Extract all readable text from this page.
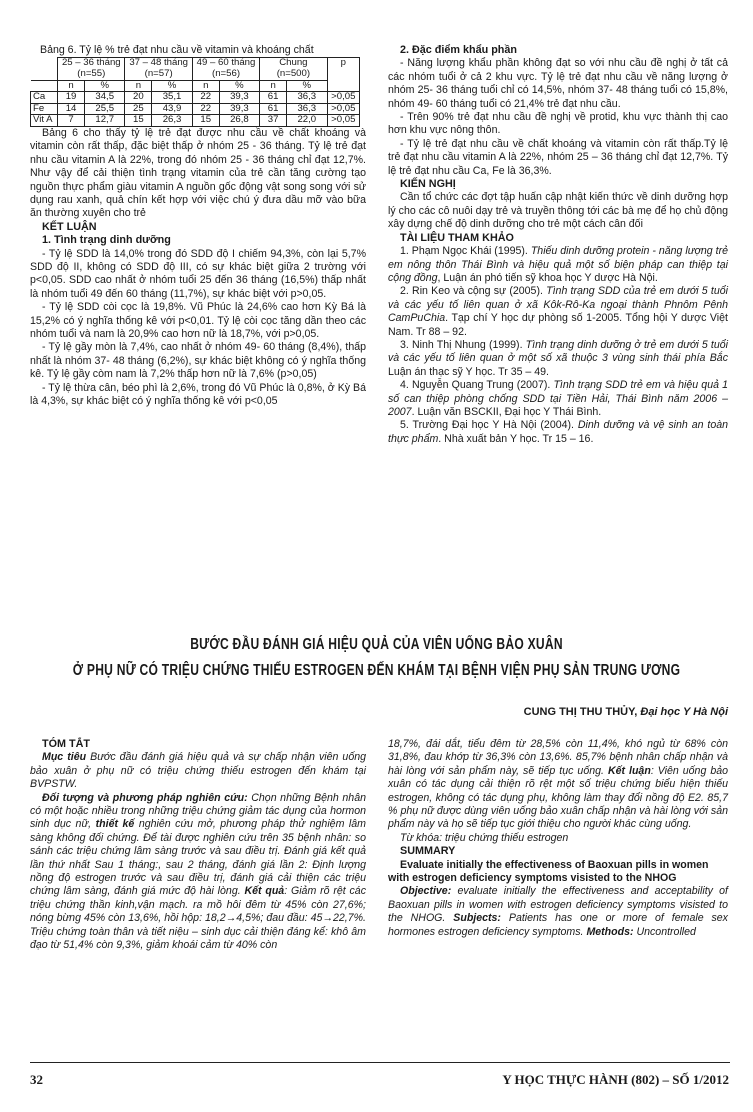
Bảng 6. Tỷ lệ % trẻ đạt nhu cầu về vitamin và khoáng chất

	25 – 36 tháng (n=55)		37 – 48 tháng (n=57)		49 – 60 tháng (n=56)		Chung (n=500)		p
	n	%	n	%	n	%	n	%	
Ca	19	34,5	20	35,1	22	39,3	61	36,3	>0,05
Fe	14	25,5	25	43,9	22	39,3	61	36,3	>0,05
Vit A	7	12,7	15	26,3	15	26,8	37	22,0	>0,05

Bảng 6 cho thấy tỷ lệ trẻ đạt được nhu cầu về chất khoáng và vitamin còn rất thấp, đặc biệt thấp ở nhóm 25 - 36 tháng. Tỷ lệ trẻ đạt nhu cầu vitamin A là 22%, trong đó nhóm 25 - 36 tháng chỉ đạt 12,7%. Như vậy để cải thiện tình trạng vitamin của trẻ cần tăng cường tạo nguồn thực phẩm giàu vitamin A nguồn gốc động vật song song với sử dụng rau xanh, quả chín kết hợp với việc chú ý đưa dầu mỡ vào bữa ăn thường xuyên cho trẻ

KẾT LUẬN

1. Tình trạng dinh dưỡng

- Tỷ lệ SDD là 14,0% trong đó SDD độ I chiếm 94,3%, còn lại 5,7% SDD độ II, không có SDD độ III, có sự khác biệt giữa 2 trường với p<0,05. SDD cao nhất ở nhóm tuổi 25 đến 36 tháng (16,5%) thấp nhất là nhóm tuổi 49 đến 60 tháng (11,7%), sự khác biệt với p>0,05.

- Tỷ lệ SDD còi cọc là 19,8%. Vũ Phúc là 24,6% cao hơn Kỳ Bá là 15,2% có ý nghĩa thống kê với p<0,01. Tỷ lệ còi cọc tăng dần theo các nhóm tuổi và nam là 20,9% cao hơn nữ là 18,7%, với p>0,05.

- Tỷ lệ gầy mòn là 7,4%, cao nhất ở nhóm 49- 60 tháng (8,4%), thấp nhất là nhóm 37- 48 tháng (6,2%), sự khác biệt không có ý nghĩa thống kê. Tỷ lệ gầy còm nam là 7,2% thấp hơn nữ là 7,6% (p>0,05)

- Tỷ lệ thừa cân, béo phì là 2,6%, trong đó Vũ Phúc là 0,8%, ở Kỳ Bá là 4,3%, sự khác biệt có ý nghĩa thống kê với p<0,05

2. Đặc điểm khẩu phần

- Năng lượng khẩu phần không đạt so với nhu cầu đề nghị ở tất cả các nhóm tuổi ở cả 2 khu vực. Tỷ lệ trẻ đạt nhu cầu về năng lượng ở nhóm 25- 36 tháng tuổi chỉ có 14,5%, nhóm 37- 48 tháng tuổi có 15,8%, nhóm 49- 60 tháng tuổi có 21,4% trẻ đạt nhu cầu.

- Trên 90% trẻ đạt nhu cầu đề nghị về protid, khu vực thành thị cao hơn khu vực nông thôn.

- Tỷ lệ trẻ đạt nhu cầu về chất khoáng và vitamin còn rất thấp.Tỷ lệ trẻ đạt nhu cầu vitamin A là 22%, nhóm 25 – 36 tháng chỉ đạt 12,7%. Tỷ lệ trẻ đạt nhu cầu Ca, Fe là 36,3%.

KIẾN NGHỊ

Cần tổ chức các đợt tập huấn cập nhật kiến thức về dinh dưỡng hợp lý cho các cô nuôi dạy trẻ và truyền thông tới các bà mẹ để họ chủ động xây dựng chế độ dinh dưỡng cho trẻ một cách cân đối

TÀI LIỆU THAM KHẢO

1. Phạm Ngọc Khái (1995). Thiếu dinh dưỡng protein - năng lượng trẻ em nông thôn Thái Bình và hiệu quả một số biện pháp can thiệp tại cộng đồng, Luận án phó tiến sỹ khoa học Y dược Hà Nội.

2. Rin Keo và cộng sự (2005). Tình trạng SDD của trẻ em dưới 5 tuổi và các yếu tố liên quan ở xã Kôk-Rô-Ka ngoại thành Phnôm Pênh CamPuChia. Tạp chí Y học dự phòng số 1-2005. Tổng hội Y dược Việt Nam. Tr 88 – 92.

3. Ninh Thị Nhung (1999). Tình trạng dinh dưỡng ở trẻ em dưới 5 tuổi và các yếu tố liên quan ở một số xã thuộc 3 vùng sinh thái phía Bắc Luận án thạc sỹ Y học. Tr 35 – 49.

4. Nguyễn Quang Trung (2007). Tình trạng SDD trẻ em và hiệu quả 1 số can thiệp phòng chống SDD tại Tiền Hải, Thái Bình năm 2006 – 2007. Luận văn BSCKII, Đại học Y Thái Bình.

5. Trường Đại học Y Hà Nội (2004). Dinh dưỡng và vệ sinh an toàn thực phẩm. Nhà xuất bản Y học. Tr 15 – 16.

BƯỚC ĐẦU ĐÁNH GIÁ HIỆU QUẢ CỦA VIÊN UỐNG BẢO XUÂN
Ở PHỤ NỮ CÓ TRIỆU CHỨNG THIẾU ESTROGEN ĐẾN KHÁM TẠI BỆNH VIỆN PHỤ SẢN TRUNG ƯƠNG
CUNG THỊ THU THỦY, Đại học Y Hà Nội

TÓM TẮT

Mục tiêu Bước đầu đánh giá hiệu quả và sự chấp nhận viên uống bảo xuân ở phụ nữ có triệu chứng thiếu estrogen đến khám tại BVPSTW.

Đối tượng và phương pháp nghiên cứu: Chọn những Bệnh nhân có một hoặc nhiều trong những triệu chứng giảm tác dụng của hormon sinh dục nữ, thiết kế nghiên cứu mở, phương pháp thử nghiệm lâm sàng không đối chứng. Để tài được nghiên cứu trên 35 bệnh nhân: so sánh các triệu chứng lâm sàng trước và sau điều trị. Đánh giá kết quả lần thứ nhất Sau 1 tháng:, sau 2 tháng, đánh giá lần 2: Định lượng nồng độ estrogen trước và sau điều trị, đánh giá cải thiện các triệu chứng lâm sàng, đánh giá mức độ hài lòng. Kết quả: Giảm rõ rệt các triệu chứng thần kinh,vận mạch. ra mồ hôi đêm từ 45% còn 27,6%; nóng bừng 45% còn 13,6%, hồi hộp: 18,2→4,5%; đau đầu: 45→22,7%. Triệu chứng toàn thân và tiết niệu – sinh dục cải thiện đáng kể: khô âm đạo từ 51,4% còn 9,3%, giảm khoái cảm từ 40% còn

18,7%, đái dắt, tiểu đêm từ 28,5% còn 11,4%, khó ngủ từ 68% còn 31,8%, đau khớp từ 36,3% còn 13,6%. 85,7% bệnh nhân chấp nhận và hài lòng với sản phẩm này, sẽ tiếp tục uống. Kết luận: Viên uống bảo xuân có tác dụng cải thiện rõ rệt một số triệu chứng biểu hiện thiếu estrogen, không có tác dụng phụ, không làm thay đổi nồng độ E2. 85,7 % phụ nữ được dùng viên uống bảo xuân chấp nhận và hài lòng với sản phẩm này và họ sẽ tiếp tục giới thiệu cho người khác cùng uống.

Từ khóa: triệu chứng thiếu estrogen

SUMMARY

Evaluate initially the effectiveness of Baoxuan pills in women with estrogen deficiency symptoms visisted to the NHOG

Objective: evaluate initially the effectiveness and acceptability of Baoxuan pills in women with estrogen deficiency symptoms visisted to the NHOG. Subjects: Patients has one or more of female sex hormones estrogen deficiency symptoms. Methods: Uncontrolled

32	Y HỌC THỰC HÀNH (802) – SỐ 1/2012
